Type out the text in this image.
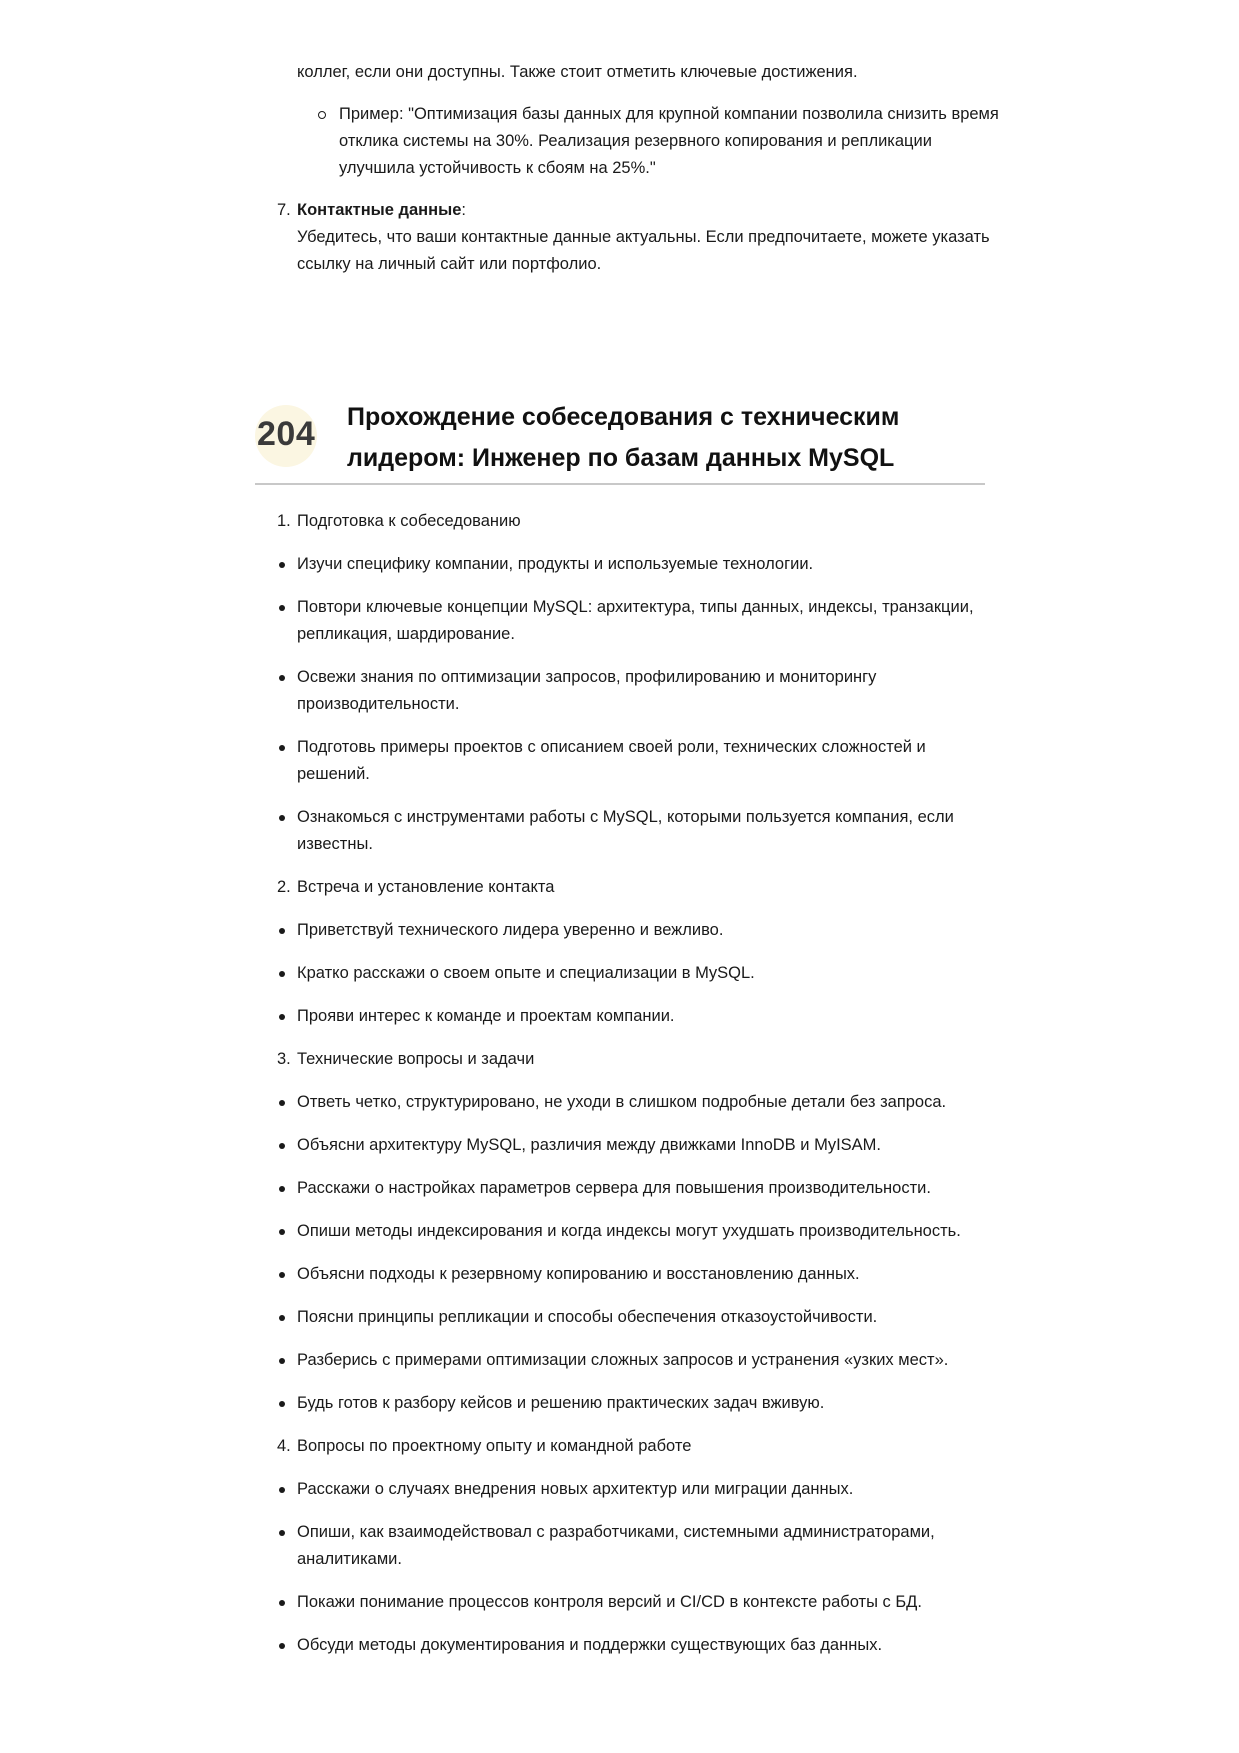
коллег, если они доступны. Также стоит отметить ключевые достижения.
Пример: "Оптимизация базы данных для крупной компании позволила снизить время отклика системы на 30%. Реализация резервного копирования и репликации улучшила устойчивость к сбоям на 25%."
7. Контактные данные:
Убедитесь, что ваши контактные данные актуальны. Если предпочитаете, можете указать ссылку на личный сайт или портфолио.
204 Прохождение собеседования с техническим лидером: Инженер по базам данных MySQL
1. Подготовка к собеседованию
Изучи специфику компании, продукты и используемые технологии.
Повтори ключевые концепции MySQL: архитектура, типы данных, индексы, транзакции, репликация, шардирование.
Освежи знания по оптимизации запросов, профилированию и мониторингу производительности.
Подготовь примеры проектов с описанием своей роли, технических сложностей и решений.
Ознакомься с инструментами работы с MySQL, которыми пользуется компания, если известны.
2. Встреча и установление контакта
Приветствуй технического лидера уверенно и вежливо.
Кратко расскажи о своем опыте и специализации в MySQL.
Прояви интерес к команде и проектам компании.
3. Технические вопросы и задачи
Ответь четко, структурировано, не уходи в слишком подробные детали без запроса.
Объясни архитектуру MySQL, различия между движками InnoDB и MyISAM.
Расскажи о настройках параметров сервера для повышения производительности.
Опиши методы индексирования и когда индексы могут ухудшать производительность.
Объясни подходы к резервному копированию и восстановлению данных.
Поясни принципы репликации и способы обеспечения отказоустойчивости.
Разберись с примерами оптимизации сложных запросов и устранения «узких мест».
Будь готов к разбору кейсов и решению практических задач вживую.
4. Вопросы по проектному опыту и командной работе
Расскажи о случаях внедрения новых архитектур или миграции данных.
Опиши, как взаимодействовал с разработчиками, системными администраторами, аналитиками.
Покажи понимание процессов контроля версий и CI/CD в контексте работы с БД.
Обсуди методы документирования и поддержки существующих баз данных.
